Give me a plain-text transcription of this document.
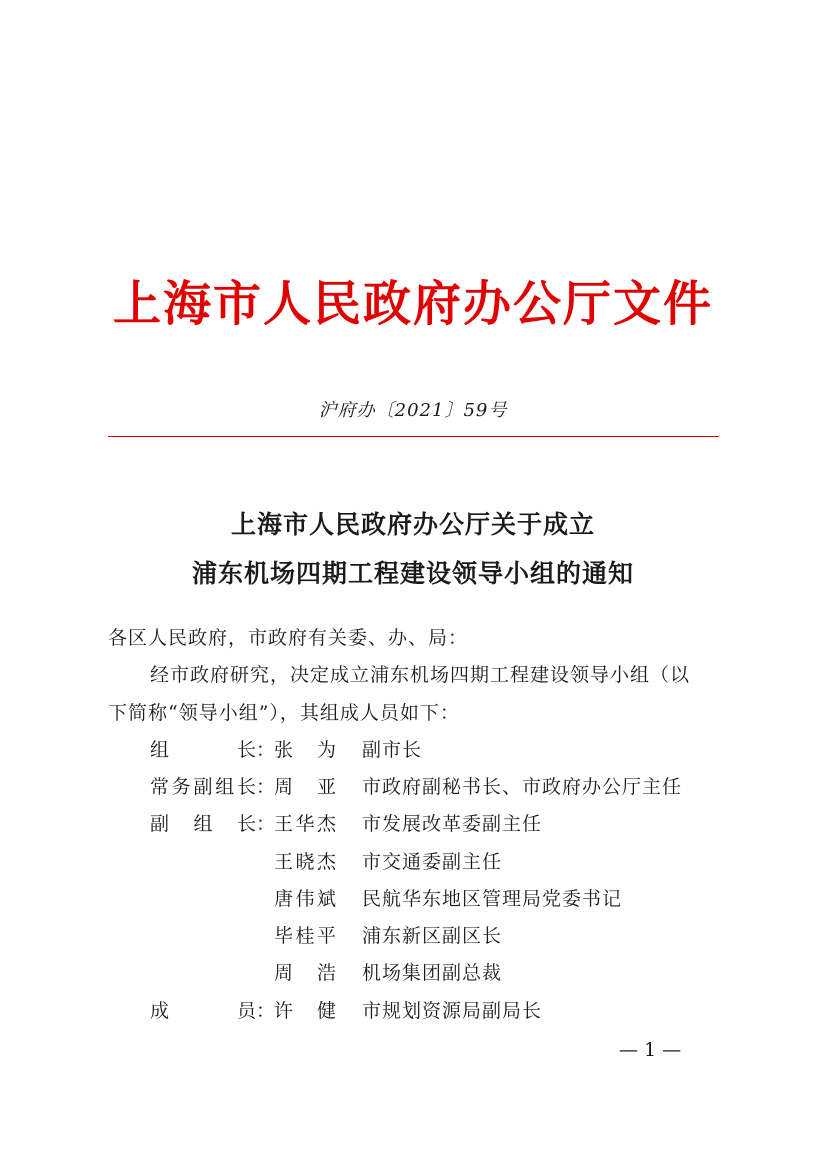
上海市人民政府办公厅文件
沪府办〔2021〕59号
上海市人民政府办公厅关于成立
浦东机场四期工程建设领导小组的通知
各区人民政府，市政府有关委、办、局：
经市政府研究，决定成立浦东机场四期工程建设领导小组（以
下简称“领导小组”），其组成人员如下：
组长 ：
张为 副市长
常务副组长 ：
周亚 市政府副秘书长、市政府办公厅主任
副组长 ：
王华杰 市发展改革委副主任
王晓杰 市交通委副主任
唐伟斌 民航华东地区管理局党委书记
毕桂平 浦东新区副区长
周浩 机场集团副总裁
成员 ：
许健 市规划资源局副局长
— 1 —
